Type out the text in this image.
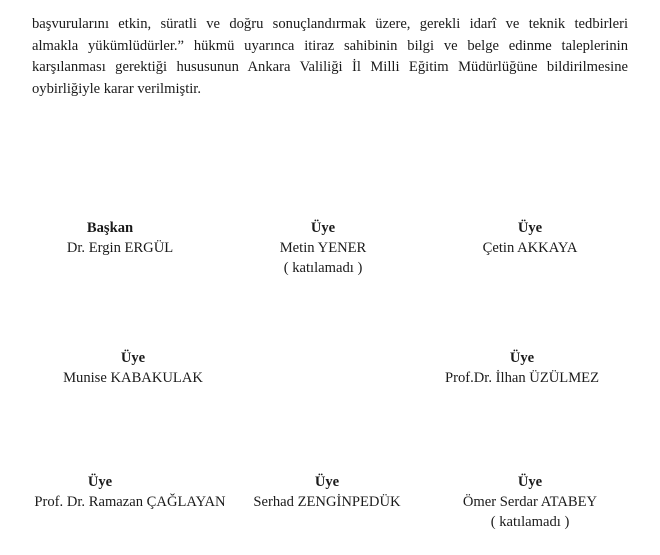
başvurularını etkin, süratli ve doğru sonuçlandırmak üzere, gerekli idarî ve teknik tedbirleri
almakla yükümlüdürler.” hükmü uyarınca itiraz sahibinin bilgi ve belge edinme taleplerinin
karşılanması gerektiği hususunun Ankara Valiliği İl Milli Eğitim Müdürlüğüne bildirilmesine
oybirliğiyle karar verilmiştir.

Başkan
Dr. Ergin ERGÜL
Üye
Metin YENER
( katılamadı )
Üye
Çetin AKKAYA
Üye
Munise KABAKULAK
Üye
Prof.Dr. İlhan ÜZÜLMEZ
Üye
Prof. Dr. Ramazan ÇAĞLAYAN
Üye
Serhad ZENGİNPEDÜK
Üye
Ömer Serdar ATABEY
( katılamadı )
